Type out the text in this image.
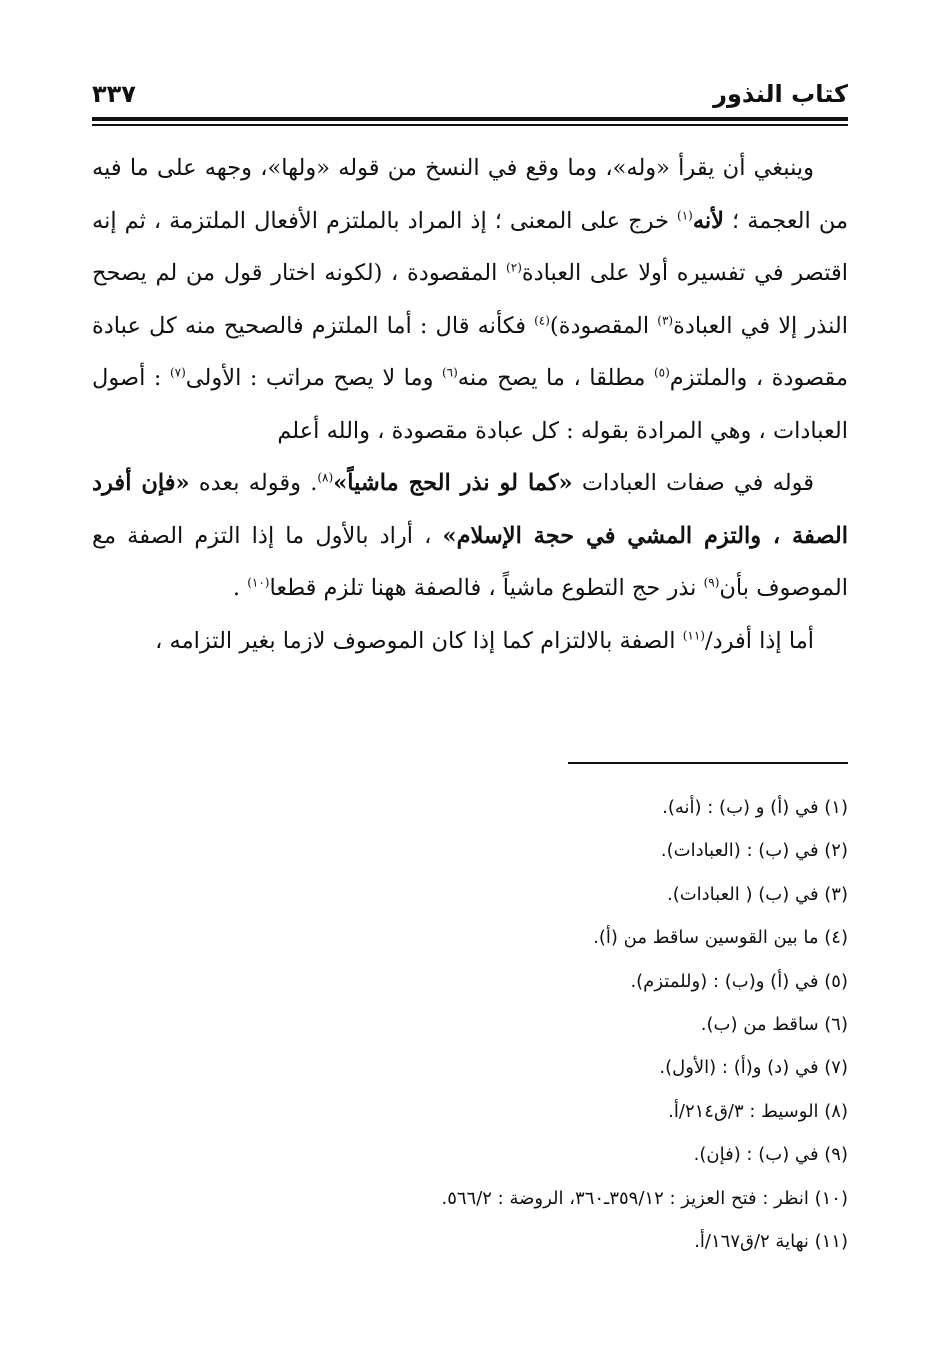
كتاب النذور
٣٣٧

وينبغي أن يقرأ «وله»، وما وقع في النسخ من قوله «ولها»، وجهه على ما فيه من العجمة ؛ لأنه$^{(١)}$ خرج على المعنى ؛ إذ المراد بالملتزم الأفعال الملتزمة ، ثم إنه اقتصر في تفسيره أولا على العبادة$^{(٢)}$ المقصودة ، (لكونه اختار قول من لم يصحح النذر إلا في العبادة$^{(٣)}$ المقصودة)$^{(٤)}$ فكأنه قال : أما الملتزم فالصحيح منه كل عبادة مقصودة ، والملتزم$^{(٥)}$ مطلقا ، ما يصح منه$^{(٦)}$ وما لا يصح مراتب : الأولى$^{(٧)}$ : أصول العبادات ، وهي المرادة بقوله : كل عبادة مقصودة ، والله أعلم

قوله في صفات العبادات «كما لو نذر الحج ماشياً»$^{(٨)}$. وقوله بعده «فإن أفرد الصفة ، والتزم المشي في حجة الإسلام» ، أراد بالأول ما إذا التزم الصفة مع الموصوف بأن$^{(٩)}$ نذر حج التطوع ماشياً ، فالصفة ههنا تلزم قطعا$^{(١٠)}$ .

أما إذا أفرد/$^{(١١)}$ الصفة بالالتزام كما إذا كان الموصوف لازما بغير التزامه ،

(١) في (أ) و (ب) : (أنه).
(٢) في (ب) : (العبادات).
(٣) في (ب) ( العبادات).
(٤) ما بين القوسين ساقط من (أ).
(٥) في (أ) و(ب) : (وللمتزم).
(٦) ساقط من (ب).
(٧) في (د) و(أ) : (الأول).
(٨) الوسيط : ٣/ق٢١٤/أ.
(٩) في (ب) : (فإن).
(١٠) انظر : فتح العزيز : ٣٥٩/١٢ـ٣٦٠، الروضة : ٥٦٦/٢.
(١١) نهاية ٢/ق١٦٧/أ.
